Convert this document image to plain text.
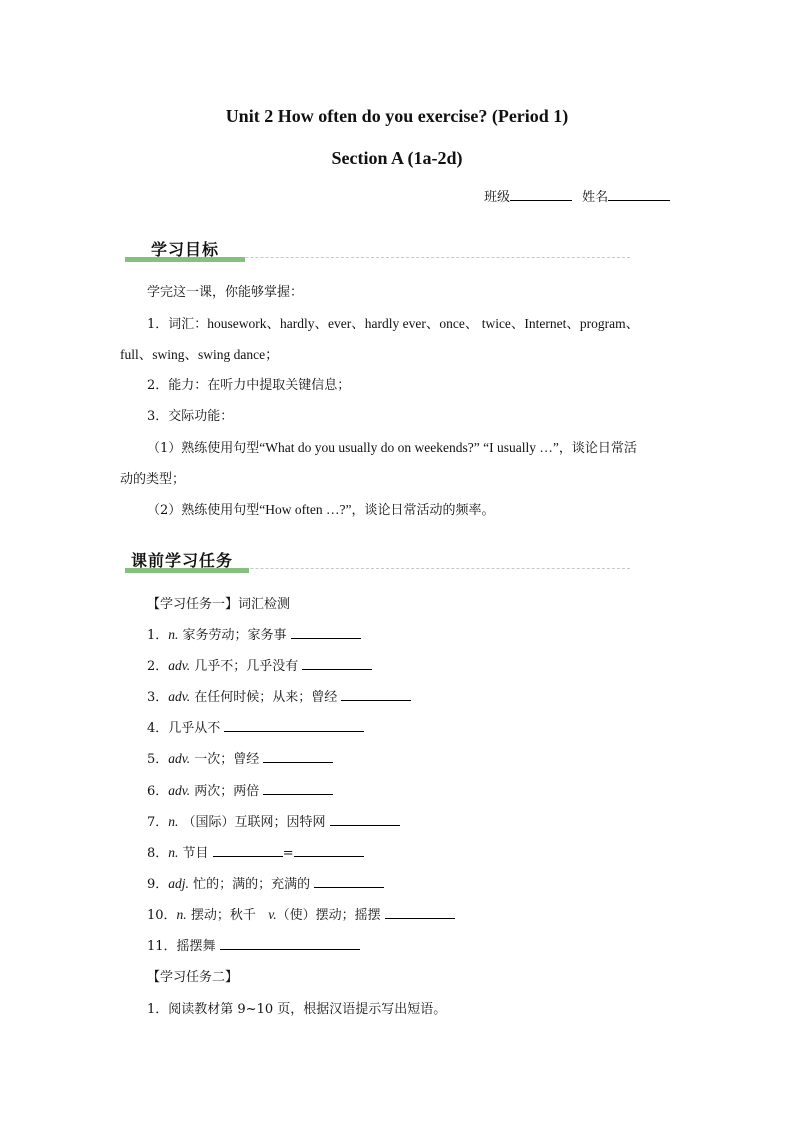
Unit 2 How often do you exercise? (Period 1)
Section A (1a-2d)
班级	姓名
学习目标
学完这一课，你能够掌握：
1．词汇：housework、hardly、ever、hardly ever、once、 twice、Internet、program、
full、swing、swing dance；
2．能力：在听力中提取关键信息；
3．交际功能：
（1）熟练使用句型“What do you usually do on weekends?” “I usually …”，谈论日常活
动的类型；
（2）熟练使用句型“How often …?”，谈论日常活动的频率。
课前学习任务
【学习任务一】词汇检测
1．n. 家务劳动；家务事
2．adv. 几乎不；几乎没有
3．adv. 在任何时候；从来；曾经
4．几乎从不
5．adv. 一次；曾经
6．adv. 两次；两倍
7．n. （国际）互联网；因特网
8．n. 节目	=
9．adj. 忙的；满的；充满的
10．n. 摆动；秋千 v.（使）摆动；摇摆
11．摇摆舞
【学习任务二】
1．阅读教材第 9~10 页，根据汉语提示写出短语。
